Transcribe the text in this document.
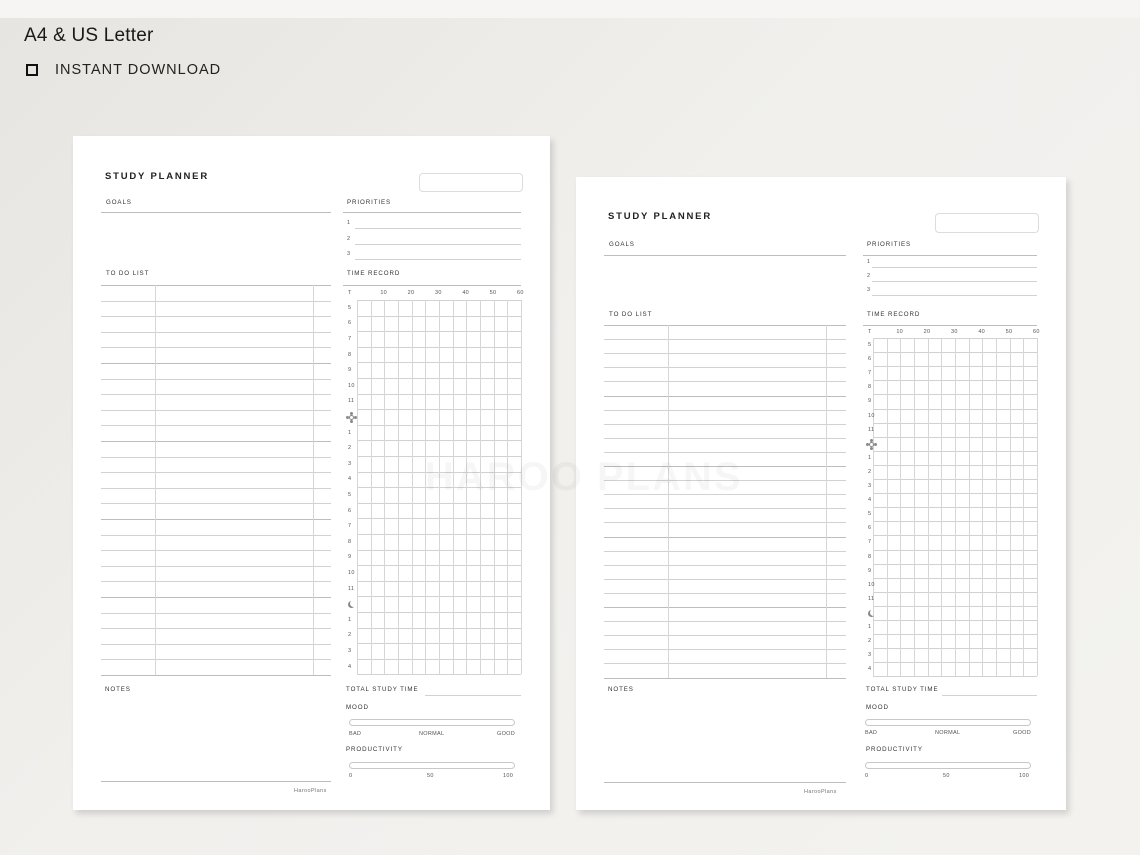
A4 & US Letter
INSTANT DOWNLOAD
STUDY PLANNER
GOALS	PRIORITIES
1
2
3
TO DO LIST	TIME RECORD
T	10	20	30	40	50	60
5
6
7
8
9
10
11
1
2
3
4
5
6
7
8
9
10
11
1
2
3
4
NOTES	TOTAL STUDY TIME
MOOD
BAD	NORMAL	GOOD
PRODUCTIVITY
0	50	100
HarooPlans
STUDY PLANNER
GOALS	PRIORITIES
1
2
3
TO DO LIST	TIME RECORD
T	10	20	30	40	50	60
5
6
7
8
9
10
11
1
2
3
4
5
6
7
8
9
10
11
1
2
3
4
NOTES	TOTAL STUDY TIME
MOOD
BAD	NORMAL	GOOD
PRODUCTIVITY
0	50	100
HarooPlans
